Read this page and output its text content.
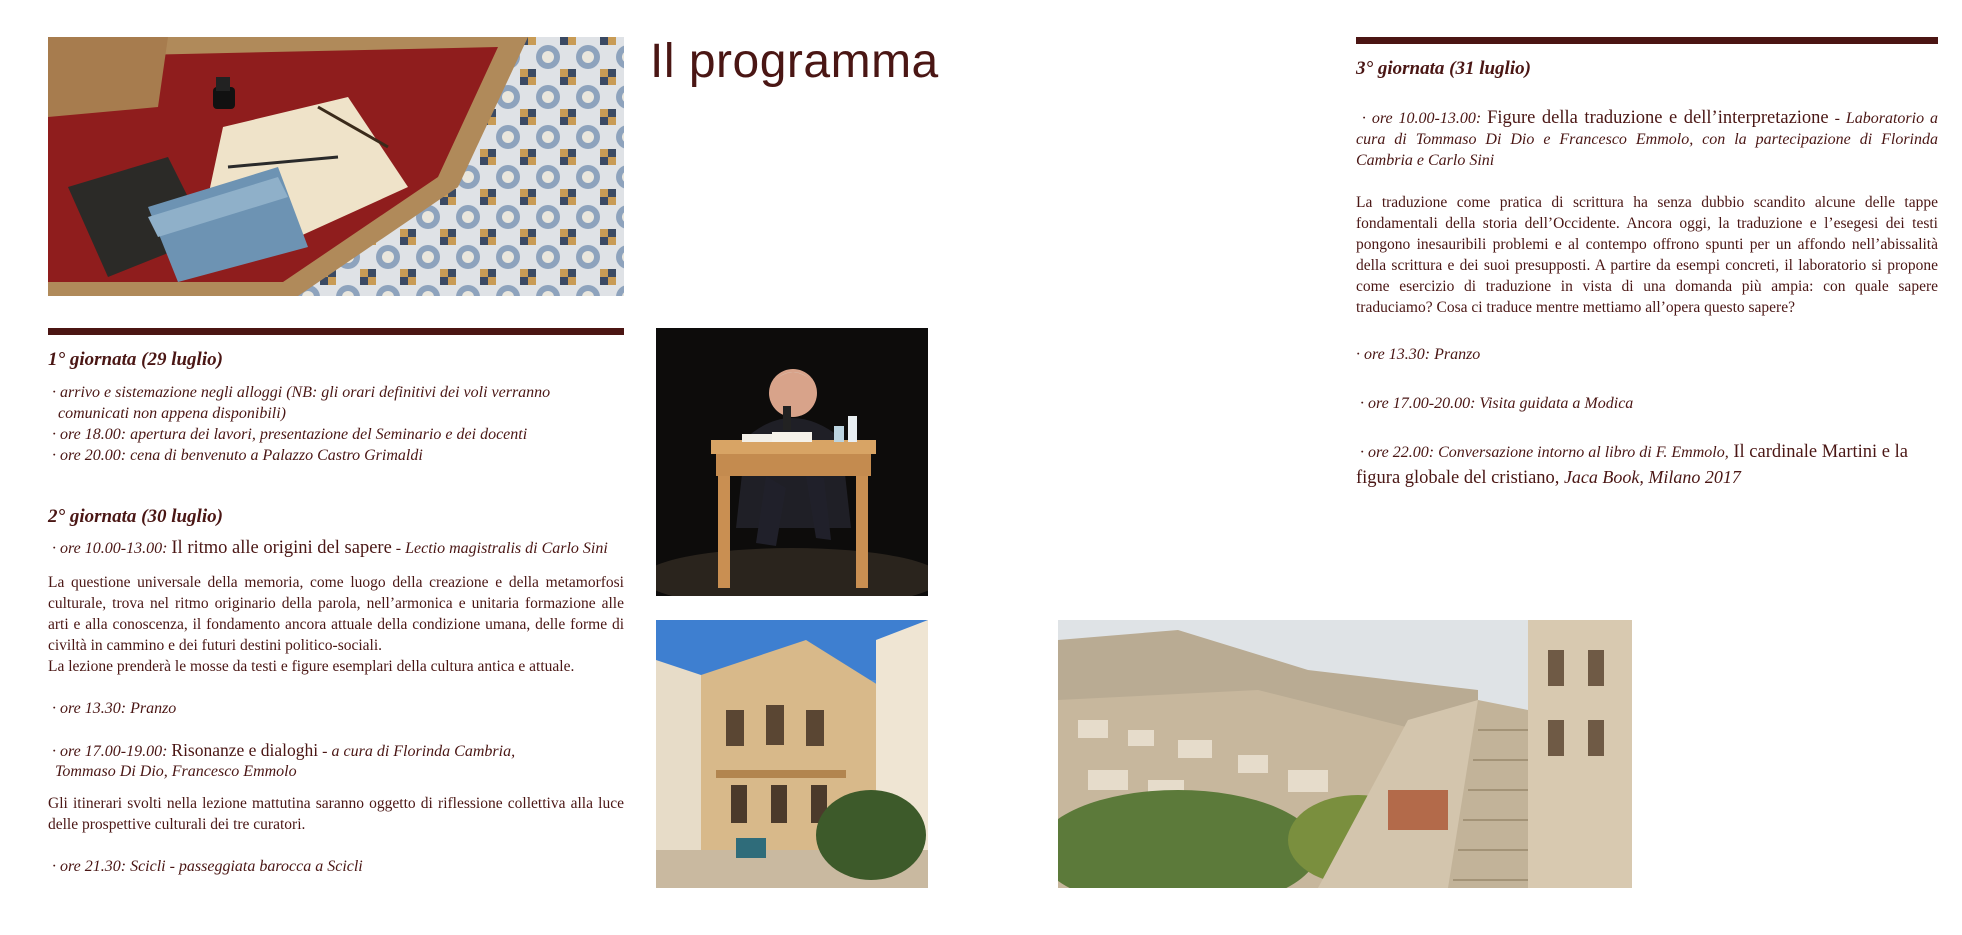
Il programma
1° giornata (29 luglio)
· arrivo e sistemazione negli alloggi (NB: gli orari definitivi dei voli verranno
comunicati non appena disponibili)
· ore 18.00: apertura dei lavori, presentazione del Seminario e dei docenti
· ore 20.00: cena di benvenuto a Palazzo Castro Grimaldi
2° giornata (30 luglio)
· ore 10.00-13.00: Il ritmo alle origini del sapere - Lectio magistralis di Carlo Sini

La questione universale della memoria, come luogo della creazione e della metamorfosi culturale, trova nel ritmo originario della parola, nell’armonica e unitaria formazione alle arti e alla conoscenza, il fondamento ancora attuale della condizione umana, delle forme di civiltà in cammino e dei futuri destini politico-sociali.

La lezione prenderà le mosse da testi e figure esemplari della cultura antica e attuale.

· ore 13.30: Pranzo
· ore 17.00-19.00: Risonanze e dialoghi - a cura di Florinda Cambria,
Tommaso Di Dio, Francesco Emmolo

Gli itinerari svolti nella lezione mattutina saranno oggetto di riflessione collettiva alla luce delle prospettive culturali dei tre curatori.

· ore 21.30: Scicli - passeggiata barocca a Scicli
3° giornata (31 luglio)
· ore 10.00-13.00: Figure della traduzione e dell’interpretazione - Laboratorio a cura di Tommaso Di Dio e Francesco Emmolo, con la partecipazione di Florinda Cambria e Carlo Sini

La traduzione come pratica di scrittura ha senza dubbio scandito alcune delle tappe fondamentali della storia dell’Occidente. Ancora oggi, la traduzione e l’esegesi dei testi pongono inesauribili problemi e al contempo offrono spunti per un affondo nell’abissalità della scrittura e dei suoi presupposti. A partire da esempi concreti, il laboratorio si propone come esercizio di traduzione in vista di una domanda più ampia: con quale sapere traduciamo? Cosa ci traduce mentre mettiamo all’opera questo sapere?

· ore 13.30: Pranzo
· ore 17.00-20.00: Visita guidata a Modica
· ore 22.00: Conversazione intorno al libro di F. Emmolo, Il cardinale Martini e la figura globale del cristiano, Jaca Book, Milano 2017
